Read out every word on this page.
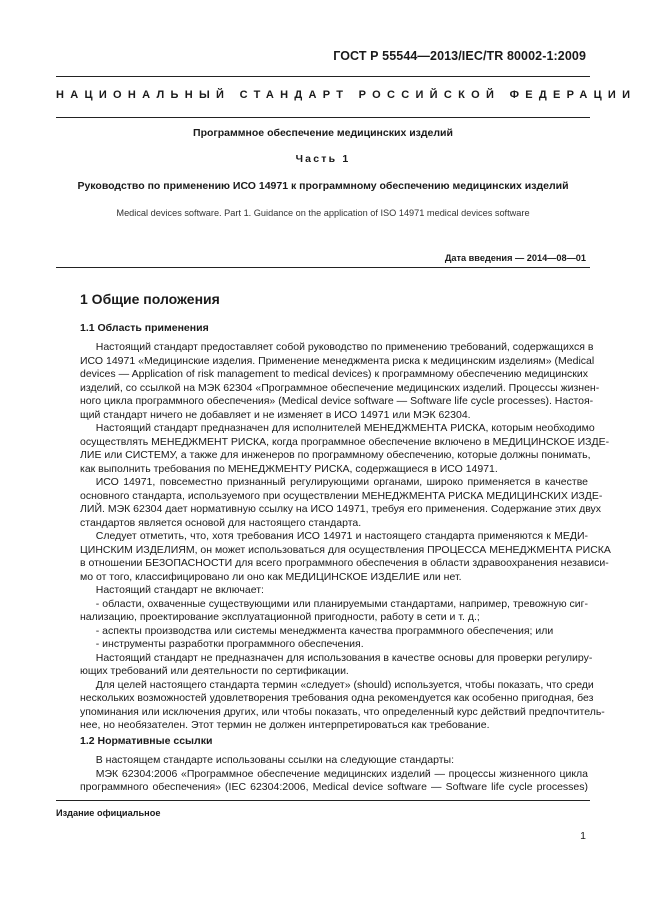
ГОСТ Р 55544—2013/IEC/TR 80002-1:2009
НАЦИОНАЛЬНЫЙ СТАНДАРТ РОССИЙСКОЙ ФЕДЕРАЦИИ
Программное обеспечение медицинских изделий
Часть 1
Руководство по применению ИСО 14971 к программному обеспечению медицинских изделий
Medical devices software. Part 1. Guidance on the application of ISO 14971 medical devices software
Дата введения — 2014—08—01
1 Общие положения
1.1 Область применения
  Настоящий стандарт предоставляет собой руководство по применению требований, содержащихся в
ИСО 14971 «Медицинские изделия. Применение менеджмента риска к медицинским изделиям» (Medical
devices — Application of risk management to medical devices) к программному обеспечению медицинских
изделий, со ссылкой на МЭК 62304 «Программное обеспечение медицинских изделий. Процессы жизнен-
ного цикла программного обеспечения» (Medical device software — Software life cycle processes). Настоя-
щий стандарт ничего не добавляет и не изменяет в ИСО 14971 или МЭК 62304.
  Настоящий стандарт предназначен для исполнителей МЕНЕДЖМЕНТА РИСКА, которым необходимо
осуществлять МЕНЕДЖМЕНТ РИСКА, когда программное обеспечение включено в МЕДИЦИНСКОЕ ИЗДЕ-
ЛИЕ или СИСТЕМУ, а также для инженеров по программному обеспечению, которые должны понимать,
как выполнить требования по МЕНЕДЖМЕНТУ РИСКА, содержащиеся в ИСО 14971.
  ИСО 14971, повсеместно признанный регулирующими органами, широко применяется в качестве
основного стандарта, используемого при осуществлении МЕНЕДЖМЕНТА РИСКА МЕДИЦИНСКИХ ИЗДЕ-
ЛИЙ. МЭК 62304 дает нормативную ссылку на ИСО 14971, требуя его применения. Содержание этих двух
стандартов является основой для настоящего стандарта.
  Следует отметить, что, хотя требования ИСО 14971 и настоящего стандарта применяются к МЕДИ-
ЦИНСКИМ ИЗДЕЛИЯМ, он может использоваться для осуществления ПРОЦЕССА МЕНЕДЖМЕНТА РИСКА
в отношении БЕЗОПАСНОСТИ для всего программного обеспечения в области здравоохранения независи-
мо от того, классифицировано ли оно как МЕДИЦИНСКОЕ ИЗДЕЛИЕ или нет.
  Настоящий стандарт не включает:
  - области, охваченные существующими или планируемыми стандартами, например, тревожную сиг-
нализацию, проектирование эксплуатационной пригодности, работу в сети и т. д.;
  - аспекты производства или системы менеджмента качества программного обеспечения; или
  - инструменты разработки программного обеспечения.
  Настоящий стандарт не предназначен для использования в качестве основы для проверки регулиру-
ющих требований или деятельности по сертификации.
  Для целей настоящего стандарта термин «следует» (should) используется, чтобы показать, что среди
нескольких возможностей удовлетворения требования одна рекомендуется как особенно пригодная, без
упоминания или исключения других, или чтобы показать, что определенный курс действий предпочтитель-
нее, но необязателен. Этот термин не должен интерпретироваться как требование.
1.2 Нормативные ссылки
  В настоящем стандарте использованы ссылки на следующие стандарты:
  МЭК 62304:2006 «Программное обеспечение медицинских изделий — процессы жизненного цикла
программного обеспечения» (IEC 62304:2006, Medical device software — Software life cycle processes)
Издание официальное
1
